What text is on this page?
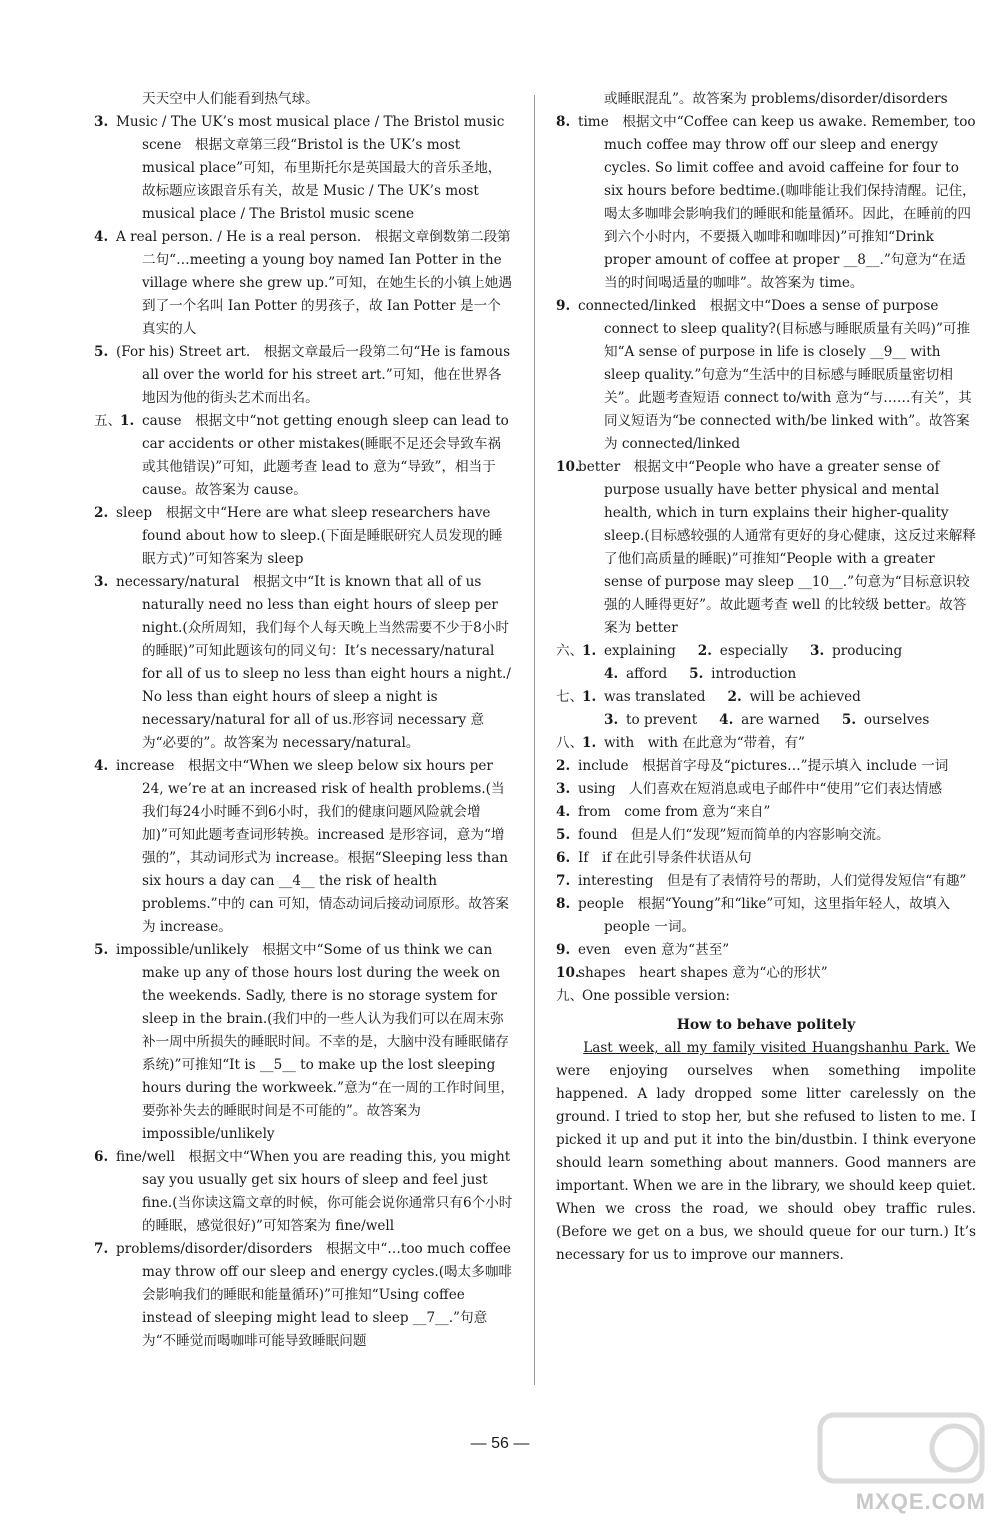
天天空中人们能看到热气球。
3. Music / The UK’s most musical place / The Bristol music scene　根据文章第三段“Bristol is the UK’s most musical place”可知，布里斯托尔是英国最大的音乐圣地，故标题应该跟音乐有关，故是 Music / The UK’s most musical place / The Bristol music scene
4. A real person. / He is a real person.　根据文章倒数第二段第二句“…meeting a young boy named Ian Potter in the village where she grew up.”可知，在她生长的小镇上她遇到了一个名叫 Ian Potter 的男孩子，故 Ian Potter 是一个真实的人
5. (For his) Street art.　根据文章最后一段第二句“He is famous all over the world for his street art.”可知，他在世界各地因为他的街头艺术而出名。
五、1. cause　根据文中“not getting enough sleep can lead to car accidents or other mistakes(睡眠不足还会导致车祸或其他错误)”可知，此题考查 lead to 意为“导致”，相当于 cause。故答案为 cause。
2. sleep　根据文中“Here are what sleep researchers have found about how to sleep.(下面是睡眠研究人员发现的睡眠方式)”可知答案为 sleep
3. necessary/natural　根据文中“It is known that all of us naturally need no less than eight hours of sleep per night.(众所周知，我们每个人每天晚上当然需要不少于8小时的睡眠)”可知此题该句的同义句：It’s necessary/natural for all of us to sleep no less than eight hours a night./ No less than eight hours of sleep a night is necessary/natural for all of us.形容词 necessary 意为“必要的”。故答案为 necessary/natural。
4. increase　根据文中“When we sleep below six hours per 24, we’re at an increased risk of health problems.(当我们每24小时睡不到6小时，我们的健康问题风险就会增加)”可知此题考查词形转换。increased 是形容词，意为“增强的”，其动词形式为 increase。根据“Sleeping less than six hours a day can __4__ the risk of health problems.”中的 can 可知，情态动词后接动词原形。故答案为 increase。
5. impossible/unlikely　根据文中“Some of us think we can make up any of those hours lost during the week on the weekends. Sadly, there is no storage system for sleep in the brain.(我们中的一些人认为我们可以在周末弥补一周中所损失的睡眠时间。不幸的是，大脑中没有睡眠储存系统)”可推知“It is __5__ to make up the lost sleeping hours during the workweek.”意为“在一周的工作时间里，要弥补失去的睡眠时间是不可能的”。故答案为 impossible/unlikely
6. fine/well　根据文中“When you are reading this, you might say you usually get six hours of sleep and feel just fine.(当你读这篇文章的时候，你可能会说你通常只有6个小时的睡眠，感觉很好)”可知答案为 fine/well
7. problems/disorder/disorders　根据文中“…too much coffee may throw off our sleep and energy cycles.(喝太多咖啡会影响我们的睡眠和能量循环)”可推知“Using coffee instead of sleeping might lead to sleep __7__.”句意为“不睡觉而喝咖啡可能导致睡眠问题
或睡眠混乱”。故答案为 problems/disorder/disorders
8. time　根据文中“Coffee can keep us awake. Remember, too much coffee may throw off our sleep and energy cycles. So limit coffee and avoid caffeine for four to six hours before bedtime.(咖啡能让我们保持清醒。记住，喝太多咖啡会影响我们的睡眠和能量循环。因此，在睡前的四到六个小时内，不要摄入咖啡和咖啡因)”可推知“Drink proper amount of coffee at proper __8__.”句意为“在适当的时间喝适量的咖啡”。故答案为 time。
9. connected/linked　根据文中“Does a sense of purpose connect to sleep quality?(目标感与睡眠质量有关吗)”可推知“A sense of purpose in life is closely __9__ with sleep quality.”句意为“生活中的目标感与睡眠质量密切相关”。此题考查短语 connect to/with 意为“与……有关”，其同义短语为“be connected with/be linked with”。故答案为 connected/linked
10.better　根据文中“People who have a greater sense of purpose usually have better physical and mental health, which in turn explains their higher-quality sleep.(目标感较强的人通常有更好的身心健康，这反过来解释了他们高质量的睡眠)”可推知“People with a greater sense of purpose may sleep __10__.”句意为“目标意识较强的人睡得更好”。故此题考查 well 的比较级 better。故答案为 better
六、1. explaining 2. especially 3. producing
4. afford 5. introduction
七、1. was translated 2. will be achieved
3. to prevent 4. are warned 5. ourselves
八、1. with　with 在此意为“带着，有”
2. include　根据首字母及“pictures…”提示填入 include 一词
3. using　人们喜欢在短消息或电子邮件中“使用”它们表达情感
4. from　come from 意为“来自”
5. found　但是人们“发现”短而简单的内容影响交流。
6. If　if 在此引导条件状语从句
7. interesting　但是有了表情符号的帮助，人们觉得发短信“有趣”
8. people　根据“Young”和“like”可知，这里指年轻人，故填入 people 一词。
9. even　even 意为“甚至”
10.shapes　heart shapes 意为“心的形状”
九、One possible version:
How to behave politely
Last week, all my family visited Huangshanhu Park. We were enjoying ourselves when something impolite happened. A lady dropped some litter carelessly on the ground. I tried to stop her, but she refused to listen to me. I picked it up and put it into the bin/dustbin. I think everyone should learn something about manners. Good manners are important. When we are in the library, we should keep quiet. When we cross the road, we should obey traffic rules. (Before we get on a bus, we should queue for our turn.) It’s necessary for us to improve our manners.
— 56 —
MXQE.COM
